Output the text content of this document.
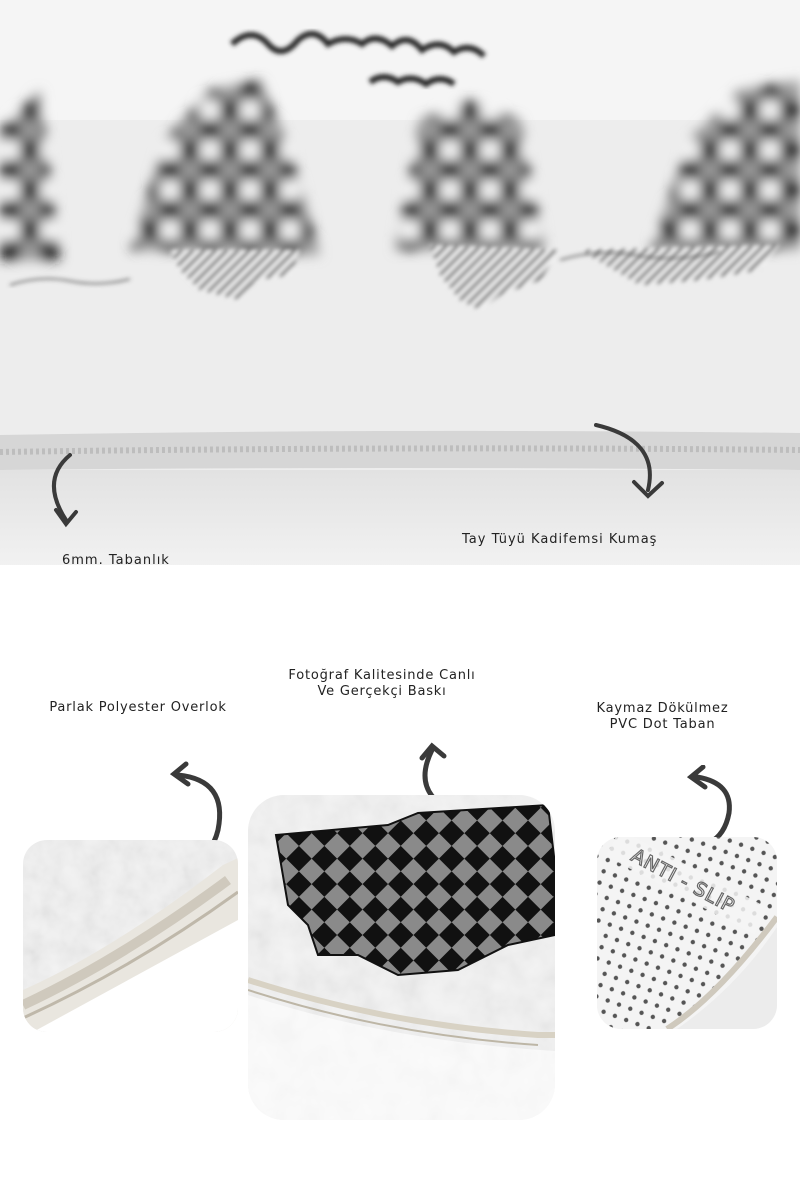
6mm. Tabanlık
Tay Tüyü Kadifemsi Kumaş
Parlak Polyester Overlok
Fotoğraf Kalitesinde Canlı
Ve Gerçekçi Baskı
Kaymaz Dökülmez
PVC Dot Taban
ANTI - SLIP
